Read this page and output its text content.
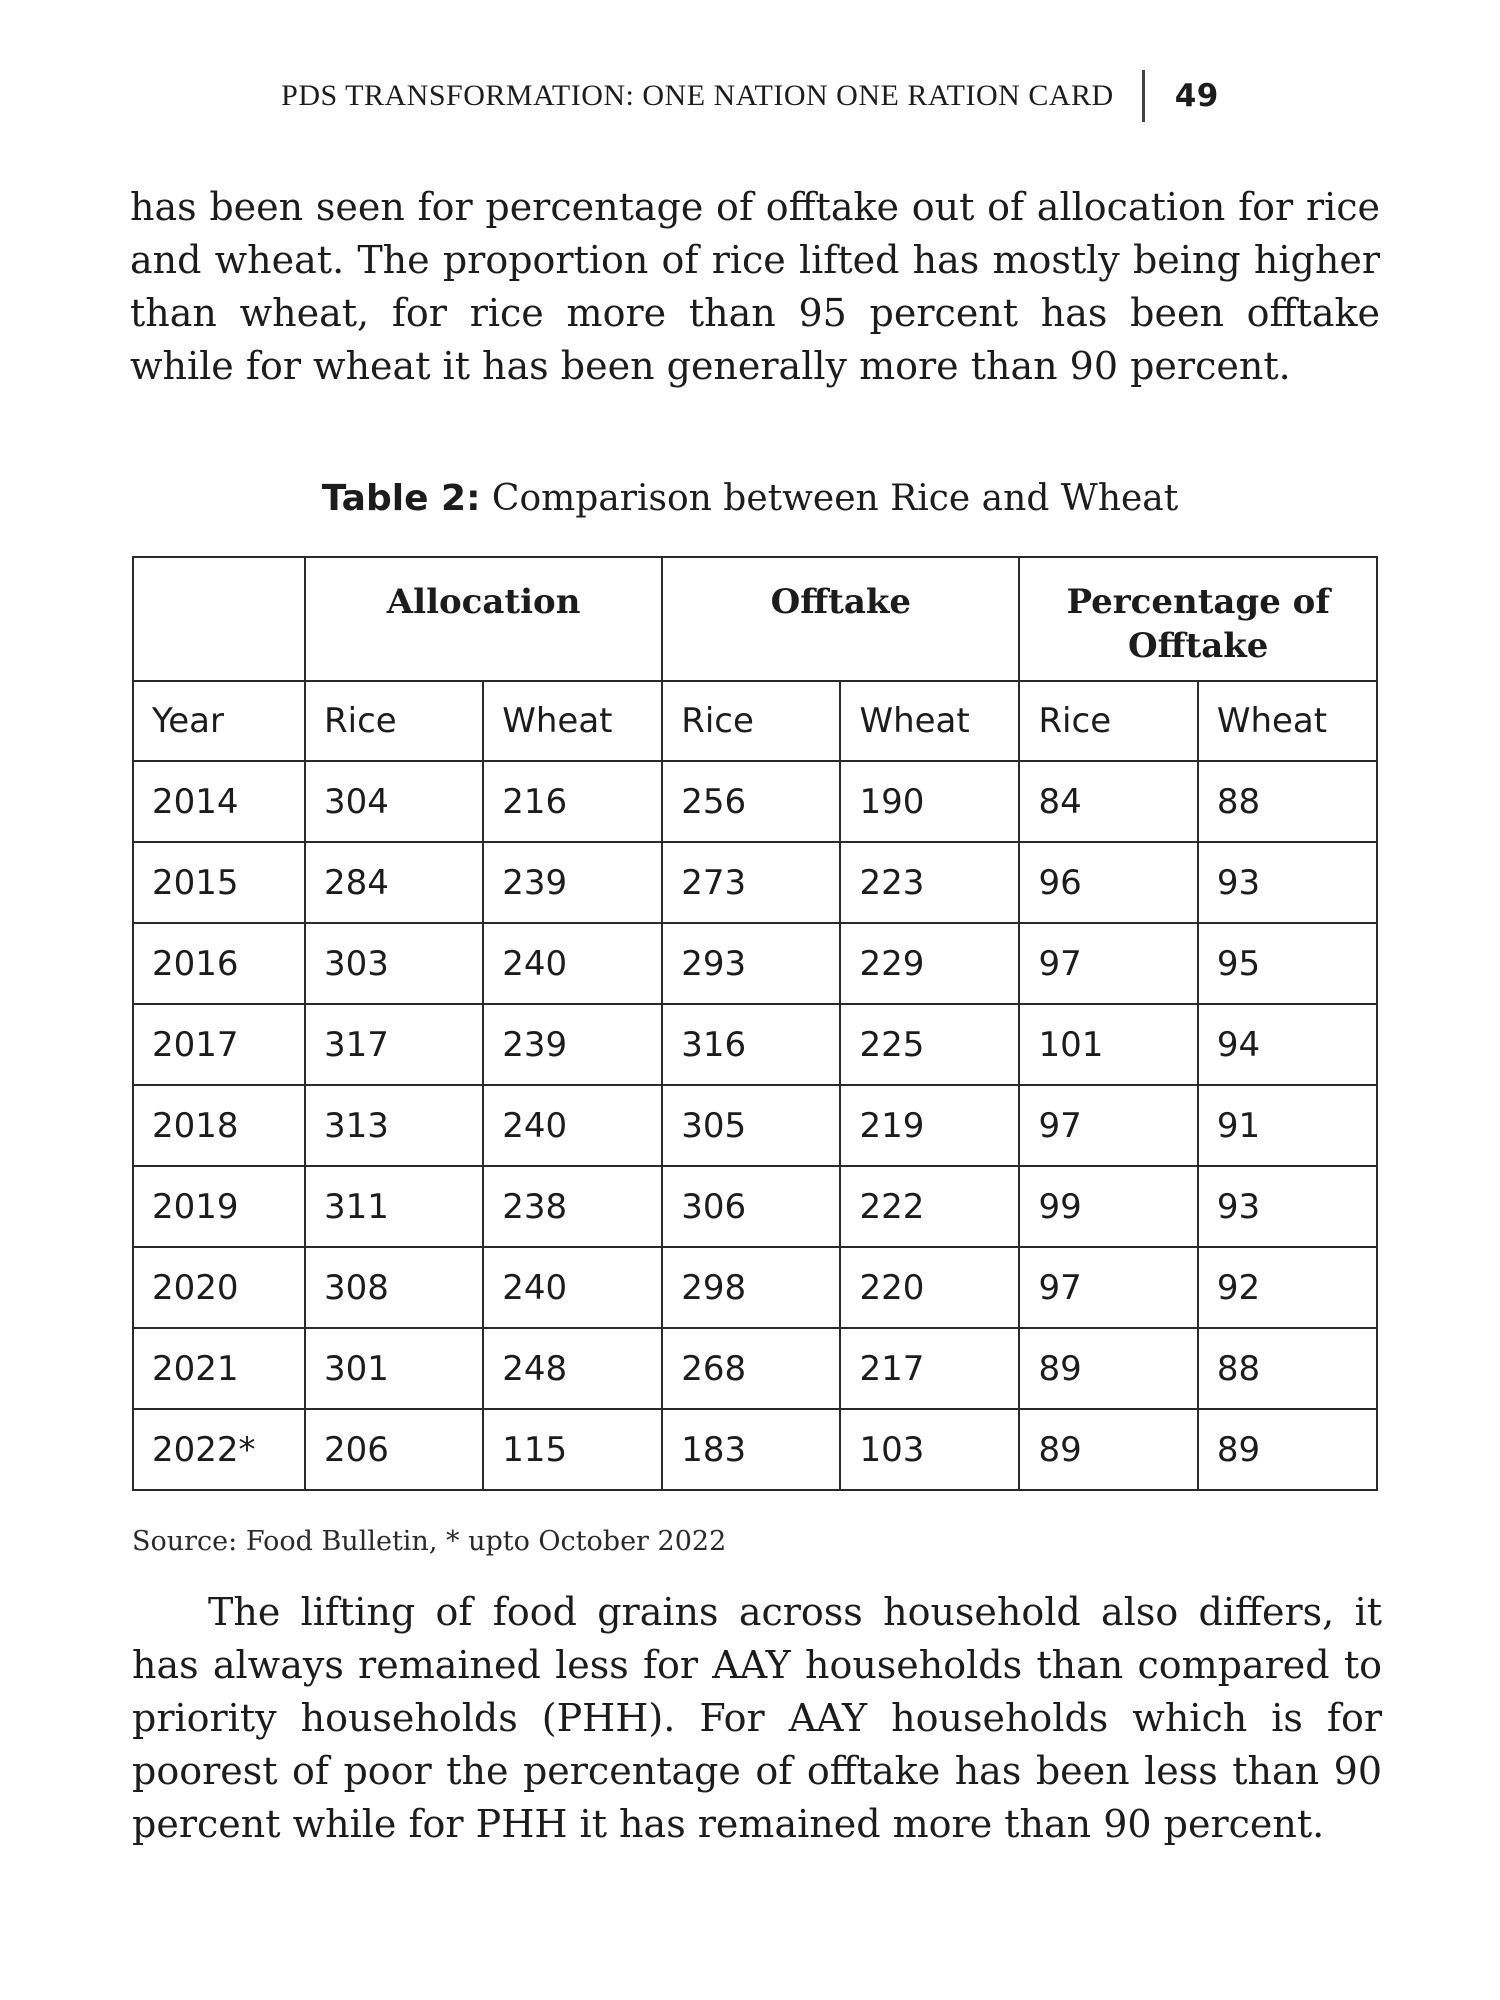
PDS TRANSFORMATION: ONE NATION ONE RATION CARD 49
has been seen for percentage of offtake out of allocation for rice and wheat. The proportion of rice lifted has mostly being higher than wheat, for rice more than 95 percent has been offtake while for wheat it has been generally more than 90 percent.
Table 2: Comparison between Rice and Wheat
	Allocation		Offtake		Percentage of Offtake	
Year	Rice	Wheat	Rice	Wheat	Rice	Wheat
2014	304	216	256	190	84	88
2015	284	239	273	223	96	93
2016	303	240	293	229	97	95
2017	317	239	316	225	101	94
2018	313	240	305	219	97	91
2019	311	238	306	222	99	93
2020	308	240	298	220	97	92
2021	301	248	268	217	89	88
2022*	206	115	183	103	89	89
Source: Food Bulletin, * upto October 2022
The lifting of food grains across household also differs, it has always remained less for AAY households than compared to priority households (PHH). For AAY households which is for poorest of poor the percentage of offtake has been less than 90 percent while for PHH it has remained more than 90 percent.
